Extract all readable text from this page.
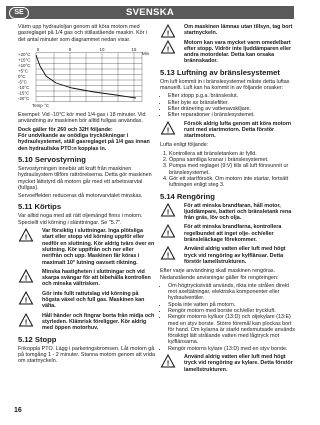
SE	SVENSKA

Värm upp hydrauloljan genom att köra motorn med gasreglaget på 1/4 gas och stillastående maskin. Kör i det antal minuter som diagrammet nedan visar.

0	5	10	15
Min
+20°C
+15°C
+10°C
+5°C
0°C
-5°C
-10°C
-15°C
-20°C
Temp °C

Exempel: Vid -10°C kör med 1/4-gas i 18 minuter. Vid användning av maskinen bör alltid fullgas användas.

Dock gäller för 260 och 32H följande:
För undvikande av onödiga tryckökningar i hydraulsystemet, ställ gasreglaget på 1/4 gas innan den hydrauliska PTO:n kopplas in.

5.10 Servostyrning

Servostyrningen innebär att kraft från maskinen hydraulsystem tillförs rattrörelserna. Detta gör maskinen mycket lättstyrd då motorn går med ett arbetsvarvtal (fullgas).

Servoeffekten reduceras då motorvarvtalet minskas.

5.11 Körtips

Var alltid noga med att rätt oljemängd finns i motorn. Speciellt vid körning i slänttningar. Se "5.7".

!
Var försiktig i sluttningar. Inga plötsliga start eller stopp vid körning uppför eller nedför en sluttning. Kör aldrig tvärs över en sluttning. Kör uppifrån och ner eller nerifrån och upp. Maskinen får köras i maximalt 10° lutning oavsett riktning.
!
Minska hastigheten i sluttningar och vid skarpa svängar för att bibehålla kontrollen och minska vältrisken.
!
Gör inte fullt rattutslag vid körning på högsta växel och full gas. Maskinen kan välta.
!
Håll händer och fingrar borta från midja och styrleden. Klämrisk föreligger. Kör aldrig med öppen motorhuv.
5.12 Stopp

Frikoppla PTO. Lägg i parkeringsbromsen. Låt motorn gå på tomgång 1 - 2 minuter. Stanna motorn genom att vrida om startnyckeln.

!
Om maskinen lämnas utan tillsyn, tag bort startnyckeln.
!
Motorn kan vara mycket varm omedelbart efter stopp. Vidrör inte ljuddämparen eller andra motordelar. Detta kan orsaka brännskador.
5.13 Luftning av bränslesystemet

Om luft kommit in i bränslesystemet måste detta luftas manuellt. Luft kan ha kommit in av följande orsaker:

• Efter stopp p.g.a. bränsleslut.
• Efter byte av bränslefilter.
• Efter dränering av vattenavskiljare.
• Efter reparationer i bränslesystemet.
!
Försök aldrig lufta genom att köra motorn runt med startmotorn. Detta förstör startmotorn.

Lufta enligt följande:

1. Kontrollera att bränsletanken är fylld.
2. Öppna samtliga kranar i bränslesystemet.
3. Pumpa med reglaget (9:V) tills all luft försvunnit ur bränslesystemet.
4. Gör ett startförsök. Om motorn inte startar, fortsätt luftningen enligt steg 3.
5.14 Rengöring
!
För att minska brandfaran, håll motor, ljuddämpare, batteri och bränsletank rena från gräs, löv och olja.
!
För att minska brandfarna, kontrollera regelbundet att inget olje- och/eller bränsleläckage förekommer.
!
Använd aldrig vatten eller luft med högt tryck vid rengöring av kylflänsar. Detta förstör lamellstrukturen.

Efter varje användning skall maskinen rengöras. Nedanstående anvisningar gäller för rengöringen:

• Om högtryckstvätt används, rikta inte strålen direkt mot axeltätningar, elektriska komponenter eller hydraulventiler.
• Spola inte vatten på motorn.
• Rengör motorn med borste och/eller tryckluft.
• Rengör motorns kylluor (13:D) och oljekylare (13:E) med en styv borste. Större föremål kan plockas bort för hand. Om kylarna är starkt nedsmutsade används försiktigt lätt strålande vatten med lågtryck mot kylflänsarna.
• Rengör motorns kylare (13:D) med en styv borste.
!
Använd aldrig vatten eller luft med högt tryck vid rengöring av kylare. Detta förstör lamellstrukturen.
16
